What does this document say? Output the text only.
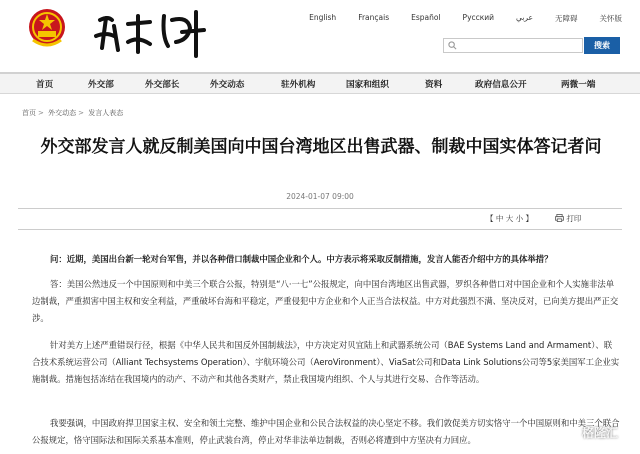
English	Français	Español	Русский	عربي	无障碍	关怀版
搜索
首页	外交部	外交部长	外交动态	驻外机构	国家和组织	资料	政府信息公开	两微一端
首页 > 外交动态 > 发言人表态
外交部发言人就反制美国向中国台湾地区出售武器、制裁中国实体答记者问
2024-01-07 09:00
【 中 大 小 】	打印
问：近期，美国出台新一轮对台军售，并以各种借口制裁中国企业和个人。中方表示将采取反制措施，发言人能否介绍中方的具体举措？
答：美国公然违反一个中国原则和中美三个联合公报，特别是“八·一七”公报规定，向中国台湾地区出售武器，罗织各种借口对中国企业和个人实施非法单边制裁，严重损害中国主权和安全利益，严重破坏台海和平稳定，严重侵犯中方企业和个人正当合法权益。中方对此强烈不满、坚决反对，已向美方提出严正交涉。
针对美方上述严重错误行径，根据《中华人民共和国反外国制裁法》，中方决定对贝宜陆上和武器系统公司（BAE Systems Land and Armament）、联合技术系统运营公司（Alliant Techsystems Operation）、宇航环境公司（AeroVironment）、ViaSat公司和Data Link Solutions公司等5家美国军工企业实施制裁。措施包括冻结在我国境内的动产、不动产和其他各类财产，禁止我国境内组织、个人与其进行交易、合作等活动。
我要强调，中国政府捍卫国家主权、安全和领土完整、维护中国企业和公民合法权益的决心坚定不移。我们敦促美方切实恪守一个中国原则和中美三个联合公报规定，恪守国际法和国际关系基本准则，停止武装台湾，停止对华非法单边制裁，否则必将遭到中方坚决有力回应。	格隆汇
